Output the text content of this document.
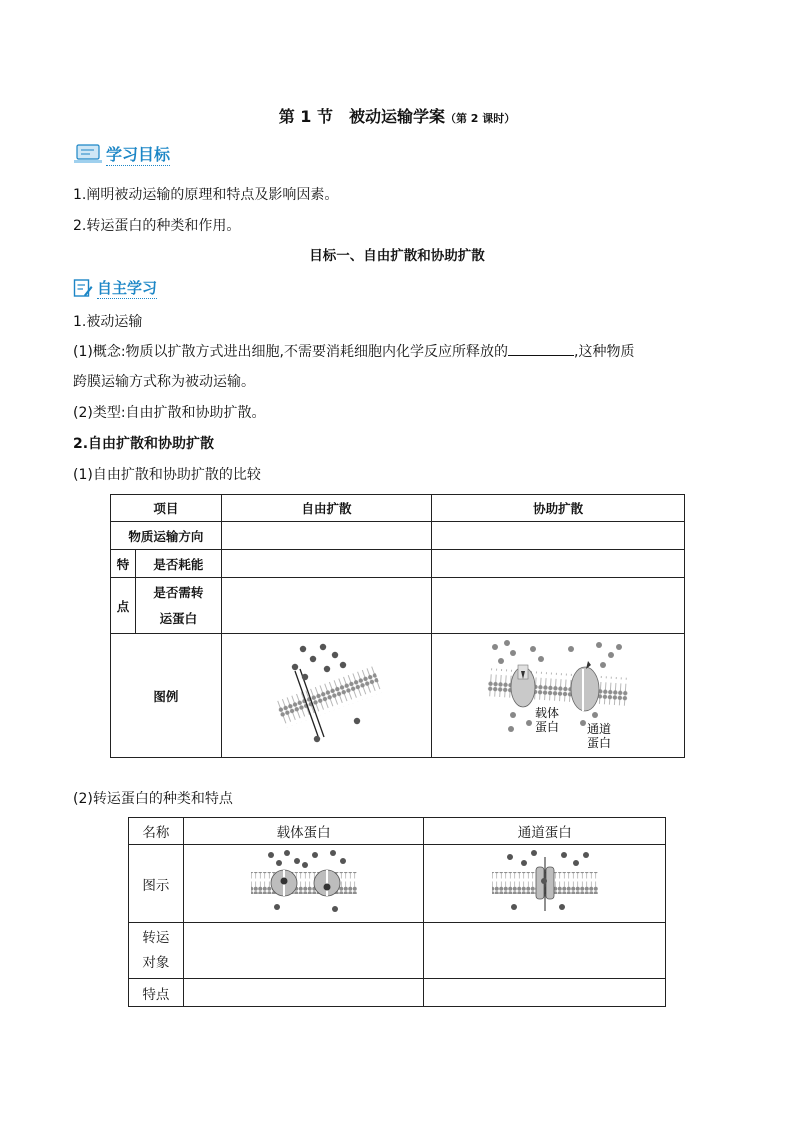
第 1 节　被动运输学案（第 2 课时）
学习目标
1.阐明被动运输的原理和特点及影响因素。
2.转运蛋白的种类和作用。
目标一、自由扩散和协助扩散
自主学习
1.被动运输
(1)概念:物质以扩散方式进出细胞,不需要消耗细胞内化学反应所释放的	,这种物质
跨膜运输方式称为被动运输。
(2)类型:自由扩散和协助扩散。
2.自由扩散和协助扩散
(1)自由扩散和协助扩散的比较
项目		自由扩散	协助扩散
物质运输方向			
特	是否耗能		
点	是否需转
运蛋白		

图例			载体
蛋白 通道
蛋白
(2)转运蛋白的种类和特点
名称	载体蛋白	通道蛋白
图示		

转运
对象		

特点		
